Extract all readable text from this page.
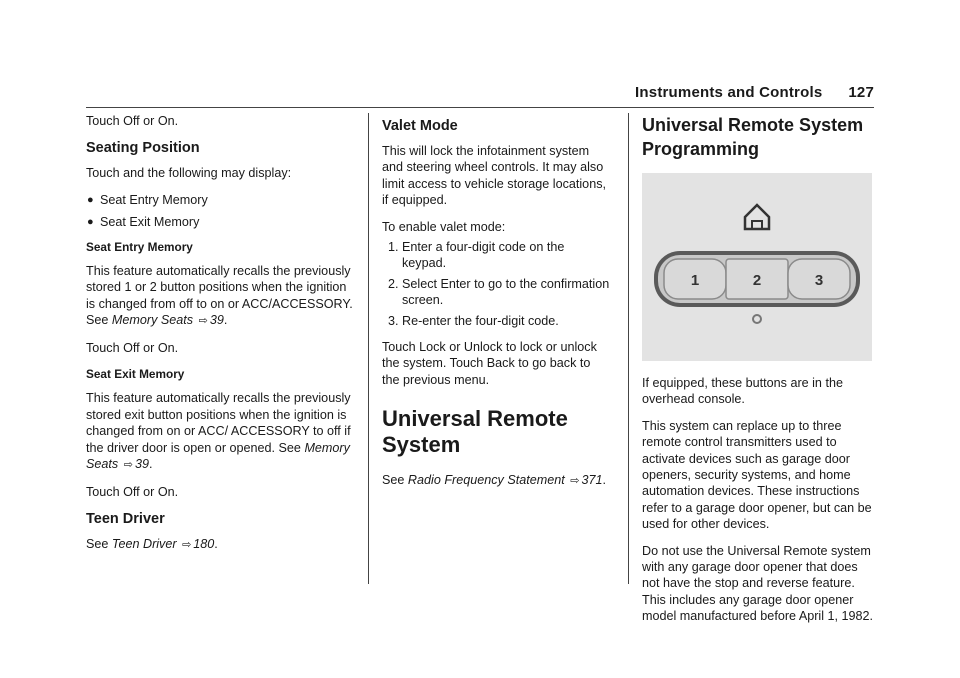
Instruments and Controls 127

Touch Off or On.

Seating Position

Touch and the following may display:

● Seat Entry Memory
● Seat Exit Memory
Seat Entry Memory

This feature automatically recalls the previously stored 1 or 2 button positions when the ignition is changed from off to on or ACC/ACCESSORY. See Memory Seats ⇨ 39.

Touch Off or On.

Seat Exit Memory

This feature automatically recalls the previously stored exit button positions when the ignition is changed from on or ACC/ ACCESSORY to off if the driver door is open or opened. See Memory Seats ⇨ 39.

Touch Off or On.

Teen Driver

See Teen Driver ⇨ 180.

Valet Mode

This will lock the infotainment system and steering wheel controls. It may also limit access to vehicle storage locations, if equipped.

To enable valet mode:

1. Enter a four-digit code on the keypad.
2. Select Enter to go to the confirmation screen.
3. Re-enter the four-digit code.

Touch Lock or Unlock to lock or unlock the system. Touch Back to go back to the previous menu.

Universal Remote System

See Radio Frequency Statement ⇨ 371.

Universal Remote System Programming
1	2	3

If equipped, these buttons are in the overhead console.

This system can replace up to three remote control transmitters used to activate devices such as garage door openers, security systems, and home automation devices. These instructions refer to a garage door opener, but can be used for other devices.

Do not use the Universal Remote system with any garage door opener that does not have the stop and reverse feature. This includes any garage door opener model manufactured before April 1, 1982.
